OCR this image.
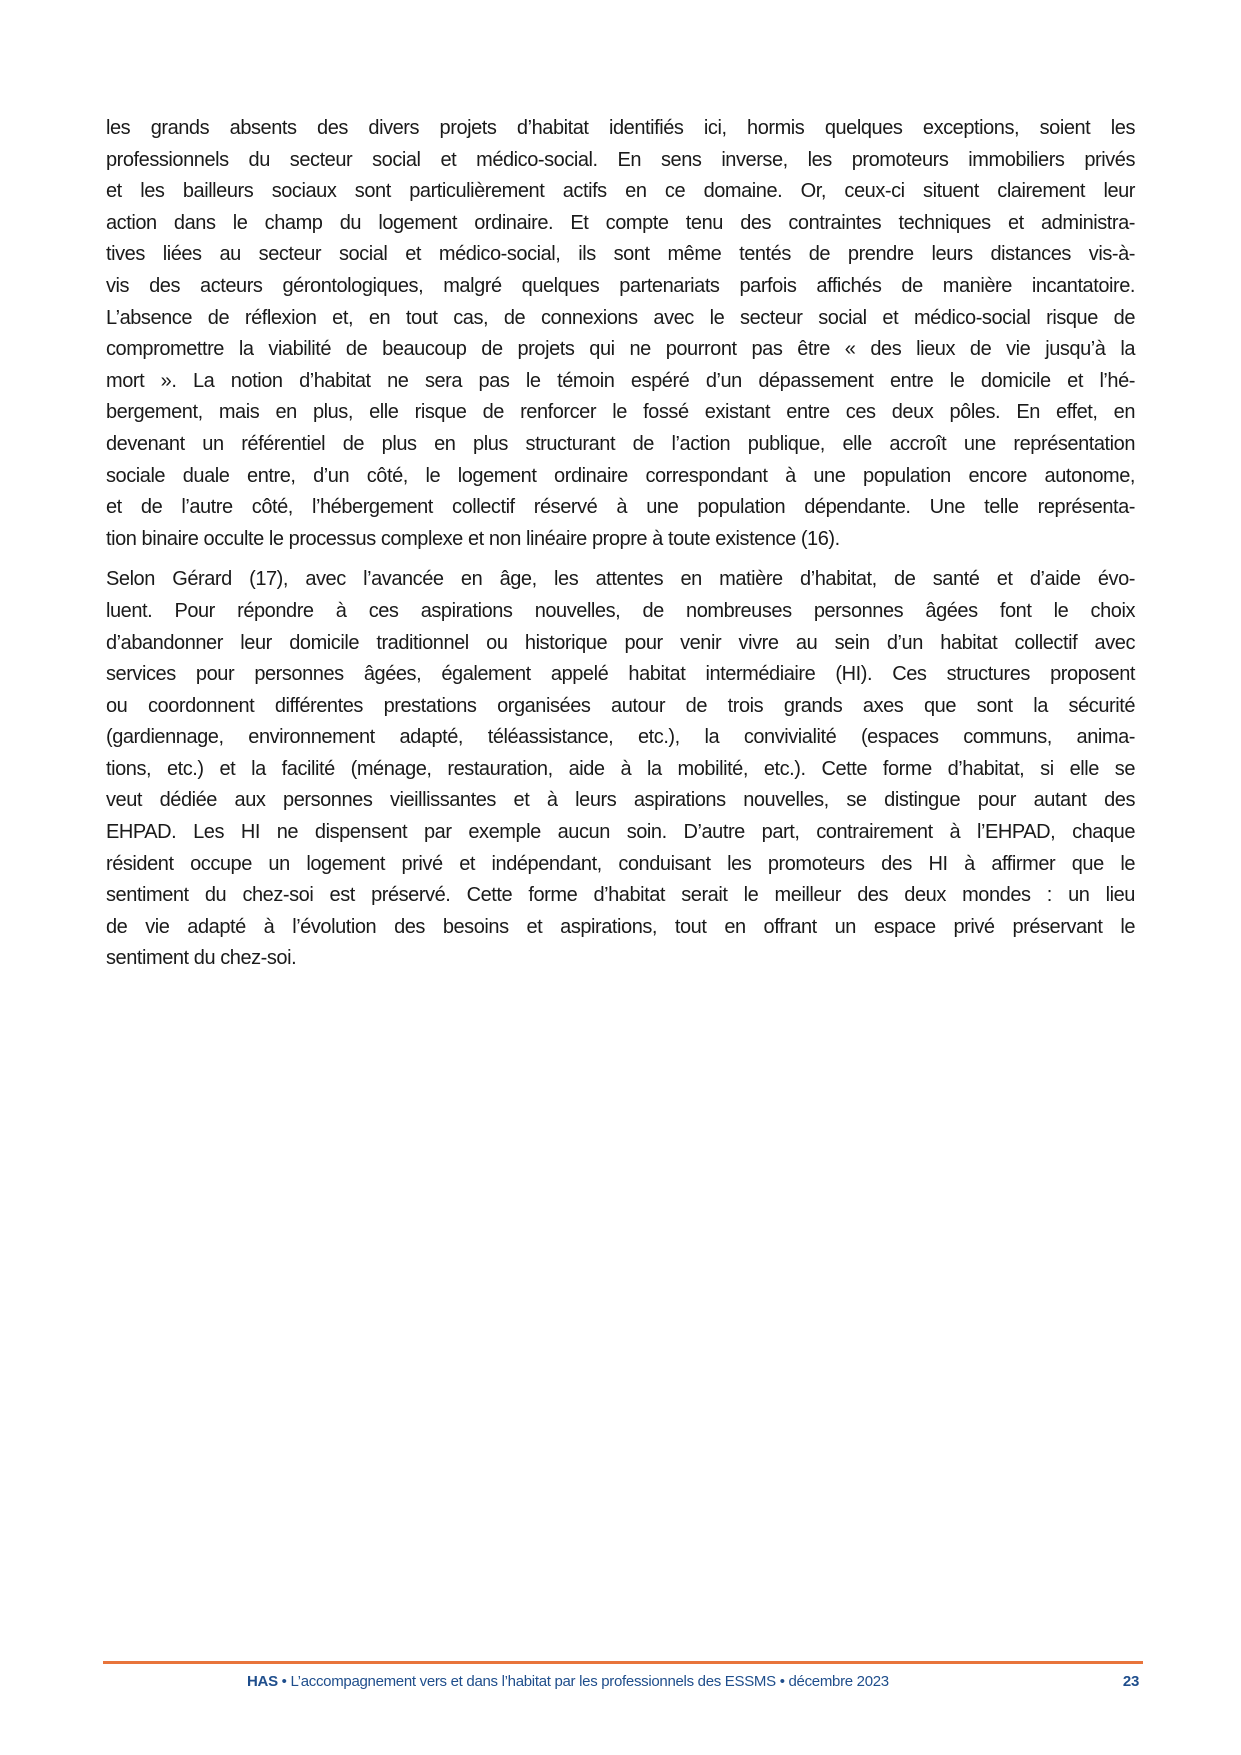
les grands absents des divers projets d’habitat identifiés ici, hormis quelques exceptions, soient les
professionnels du secteur social et médico-social. En sens inverse, les promoteurs immobiliers privés
et les bailleurs sociaux sont particulièrement actifs en ce domaine. Or, ceux-ci situent clairement leur
action dans le champ du logement ordinaire. Et compte tenu des contraintes techniques et administra-
tives liées au secteur social et médico-social, ils sont même tentés de prendre leurs distances vis-à-
vis des acteurs gérontologiques, malgré quelques partenariats parfois affichés de manière incantatoire.
L’absence de réflexion et, en tout cas, de connexions avec le secteur social et médico-social risque de
compromettre la viabilité de beaucoup de projets qui ne pourront pas être « des lieux de vie jusqu’à la
mort ». La notion d’habitat ne sera pas le témoin espéré d’un dépassement entre le domicile et l’hé-
bergement, mais en plus, elle risque de renforcer le fossé existant entre ces deux pôles. En effet, en
devenant un référentiel de plus en plus structurant de l’action publique, elle accroît une représentation
sociale duale entre, d’un côté, le logement ordinaire correspondant à une population encore autonome,
et de l’autre côté, l’hébergement collectif réservé à une population dépendante. Une telle représenta-
tion binaire occulte le processus complexe et non linéaire propre à toute existence (16).

Selon Gérard (17), avec l’avancée en âge, les attentes en matière d’habitat, de santé et d’aide évo-
luent. Pour répondre à ces aspirations nouvelles, de nombreuses personnes âgées font le choix
d’abandonner leur domicile traditionnel ou historique pour venir vivre au sein d’un habitat collectif avec
services pour personnes âgées, également appelé habitat intermédiaire (HI). Ces structures proposent
ou coordonnent différentes prestations organisées autour de trois grands axes que sont la sécurité
(gardiennage, environnement adapté, téléassistance, etc.), la convivialité (espaces communs, anima-
tions, etc.) et la facilité (ménage, restauration, aide à la mobilité, etc.). Cette forme d’habitat, si elle se
veut dédiée aux personnes vieillissantes et à leurs aspirations nouvelles, se distingue pour autant des
EHPAD. Les HI ne dispensent par exemple aucun soin. D’autre part, contrairement à l’EHPAD, chaque
résident occupe un logement privé et indépendant, conduisant les promoteurs des HI à affirmer que le
sentiment du chez-soi est préservé. Cette forme d’habitat serait le meilleur des deux mondes : un lieu
de vie adapté à l’évolution des besoins et aspirations, tout en offrant un espace privé préservant le
sentiment du chez-soi.

HAS • L’accompagnement vers et dans l’habitat par les professionnels des ESSMS • décembre 2023	23
